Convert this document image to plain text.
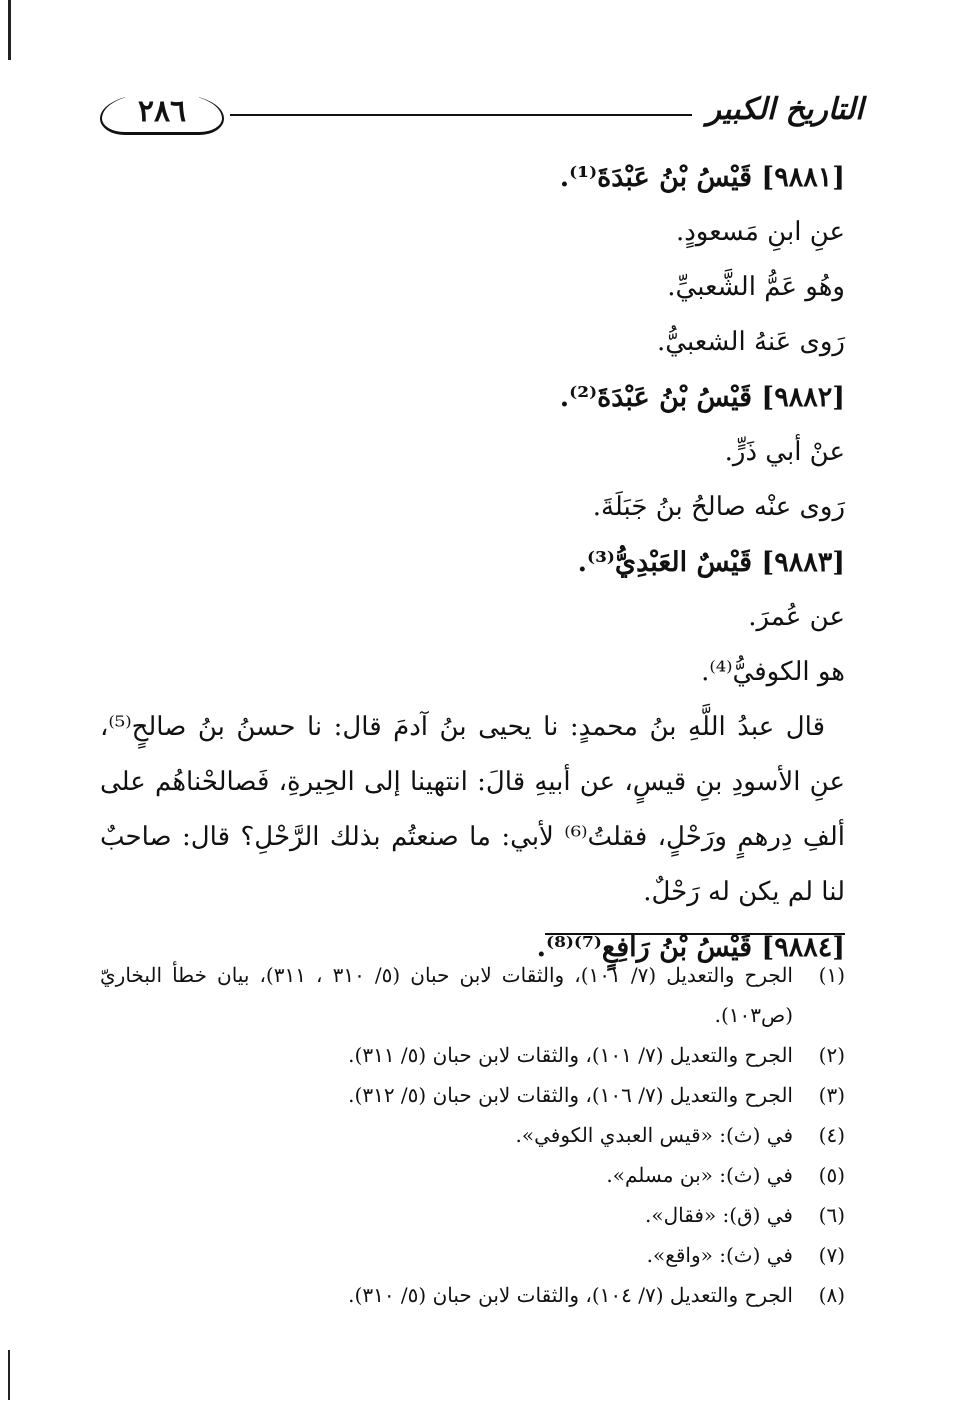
٢٨٦	التاريخ الكبير
[٩٨٨١] قَيْسُ بْنُ عَبْدَةَ⁽¹⁾.
عنِ ابنِ مَسعودٍ.
وهُو عَمُّ الشَّعبيِّ.
رَوى عَنهُ الشعبيُّ.
[٩٨٨٢] قَيْسُ بْنُ عَبْدَةَ⁽²⁾.
عنْ أبي ذَرٍّ.
رَوى عنْه صالحُ بنُ جَبَلَةَ.
[٩٨٨٣] قَيْسٌ العَبْدِيُّ⁽³⁾.
عن عُمرَ.
هو الكوفيُّ⁽⁴⁾.
قال عبدُ اللَّهِ بنُ محمدٍ: نا يحيى بنُ آدمَ قال: نا حسنُ بنُ صالحٍ⁽⁵⁾، عنِ الأسودِ بنِ قيسٍ، عن أبيهِ قالَ: انتهينا إلى الحِيرةِ، فَصالحْناهُم على ألفِ دِرهمٍ ورَحْلٍ، فقلتُ⁽⁶⁾ لأبي: ما صنعتُم بذلك الرَّحْلِ؟ قال: صاحبٌ لنا لم يكن له رَحْلٌ.
[٩٨٨٤] قَيْسُ بْنُ رَافِعٍ⁽⁷⁾⁽⁸⁾.
(١)
الجرح والتعديل (٧/ ١٠١)، والثقات لابن حبان (٥/ ٣١٠ ، ٣١١)، بيان خطأ البخاريّ (ص١٠٣).
(٢)
الجرح والتعديل (٧/ ١٠١)، والثقات لابن حبان (٥/ ٣١١).
(٣)
الجرح والتعديل (٧/ ١٠٦)، والثقات لابن حبان (٥/ ٣١٢).
(٤)
في (ث): «قيس العبدي الكوفي».
(٥)
في (ث): «بن مسلم».
(٦)
في (ق): «فقال».
(٧)
في (ث): «واقع».
(٨)
الجرح والتعديل (٧/ ١٠٤)، والثقات لابن حبان (٥/ ٣١٠).
